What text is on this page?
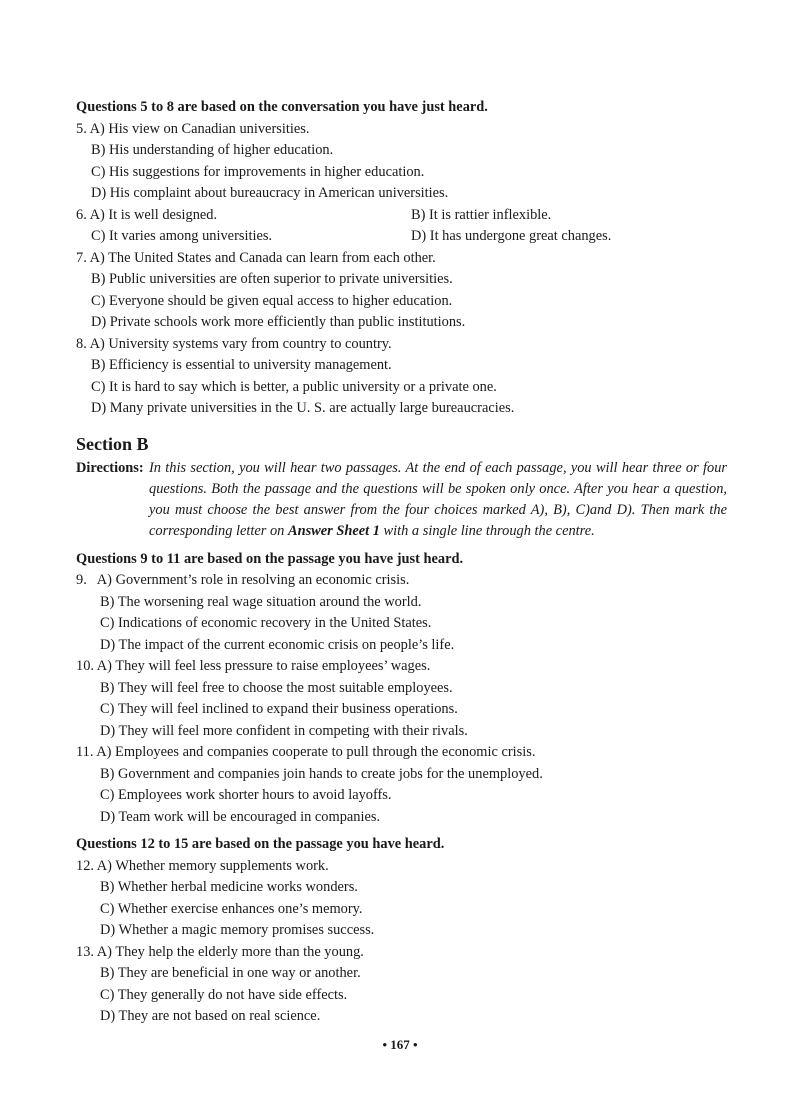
Questions 5 to 8 are based on the conversation you have just heard.
5. A) His view on Canadian universities.
B) His understanding of higher education.
C) His suggestions for improvements in higher education.
D) His complaint about bureaucracy in American universities.
6. A) It is well designed.	B) It is rattier inflexible.
C) It varies among universities.	D) It has undergone great changes.
7. A) The United States and Canada can learn from each other.
B) Public universities are often superior to private universities.
C) Everyone should be given equal access to higher education.
D) Private schools work more efficiently than public institutions.
8. A) University systems vary from country to country.
B) Efficiency is essential to university management.
C) It is hard to say which is better, a public university or a private one.
D) Many private universities in the U. S. are actually large bureaucracies.
Section B
Directions: In this section, you will hear two passages. At the end of each passage, you will hear three or four questions. Both the passage and the questions will be spoken only once. After you hear a question, you must choose the best answer from the four choices marked A), B), C)and D). Then mark the corresponding letter on Answer Sheet 1 with a single line through the centre.
Questions 9 to 11 are based on the passage you have just heard.
9.   A) Government’s role in resolving an economic crisis.
B) The worsening real wage situation around the world.
C) Indications of economic recovery in the United States.
D) The impact of the current economic crisis on people’s life.
10. A) They will feel less pressure to raise employees’ wages.
B) They will feel free to choose the most suitable employees.
C) They will feel inclined to expand their business operations.
D) They will feel more confident in competing with their rivals.
11. A) Employees and companies cooperate to pull through the economic crisis.
B) Government and companies join hands to create jobs for the unemployed.
C) Employees work shorter hours to avoid layoffs.
D) Team work will be encouraged in companies.
Questions 12 to 15 are based on the passage you have heard.
12. A) Whether memory supplements work.
B) Whether herbal medicine works wonders.
C) Whether exercise enhances one’s memory.
D) Whether a magic memory promises success.
13. A) They help the elderly more than the young.
B) They are beneficial in one way or another.
C) They generally do not have side effects.
D) They are not based on real science.
• 167 •
